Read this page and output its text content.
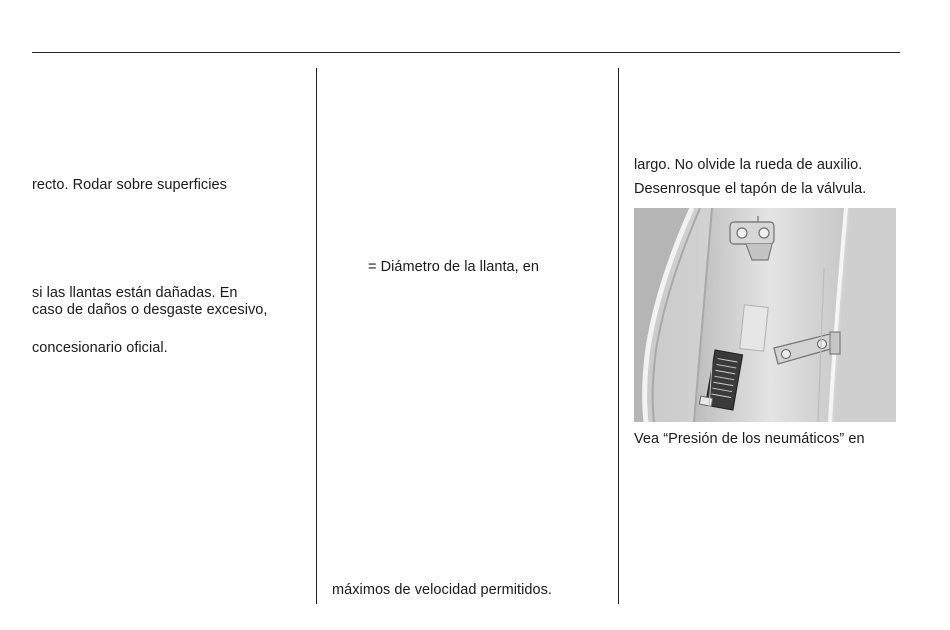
recto. Rodar sobre superficies
si las llantas están dañadas. En
caso de daños o desgaste excesivo,
concesionario oficial.
= Diámetro de la llanta, en
máximos de velocidad permitidos.
largo. No olvide la rueda de auxilio.
Desenrosque el tapón de la válvula.
Vea “Presión de los neumáticos” en
